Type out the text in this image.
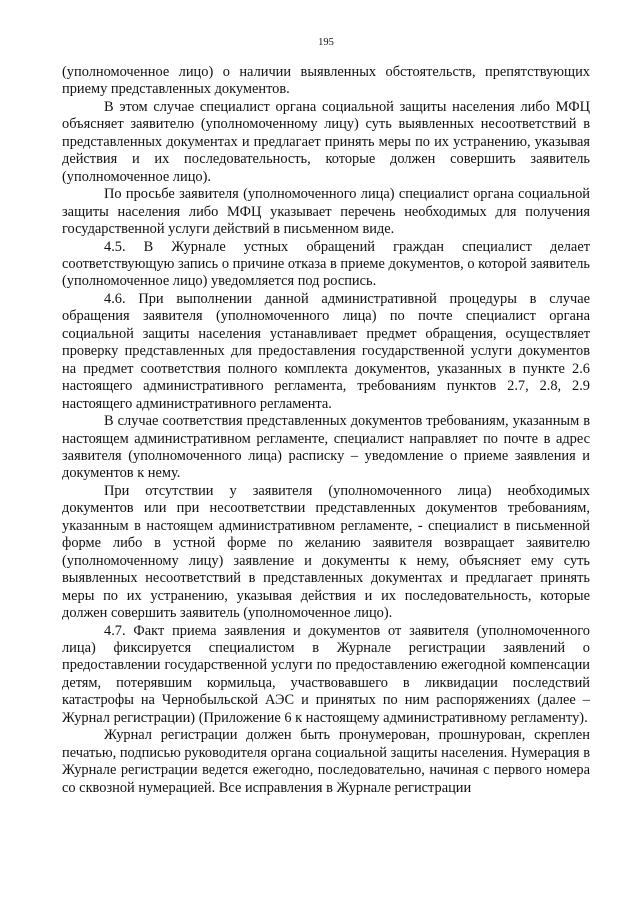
195

(уполномоченное лицо) о наличии выявленных обстоятельств, препятствующих приему представленных документов.

В этом случае специалист органа социальной защиты населения либо МФЦ объясняет заявителю (уполномоченному лицу) суть выявленных несоответствий в представленных документах и предлагает принять меры по их устранению, указывая действия и их последовательность, которые должен совершить заявитель (уполномоченное лицо).

По просьбе заявителя (уполномоченного лица) специалист органа социальной защиты населения либо МФЦ указывает перечень необходимых для получения государственной услуги действий в письменном виде.

4.5. В Журнале устных обращений граждан специалист делает соответствующую запись о причине отказа в приеме документов, о которой заявитель (уполномоченное лицо) уведомляется под роспись.

4.6. При выполнении данной административной процедуры в случае обращения заявителя (уполномоченного лица) по почте специалист органа социальной защиты населения устанавливает предмет обращения, осуществляет проверку представленных для предоставления государственной услуги документов на предмет соответствия полного комплекта документов, указанных в пункте 2.6 настоящего административного регламента, требованиям пунктов 2.7, 2.8, 2.9 настоящего административного регламента.

В случае соответствия представленных документов требованиям, указанным в настоящем административном регламенте, специалист направляет по почте в адрес заявителя (уполномоченного лица) расписку – уведомление о приеме заявления и документов к нему.

При отсутствии у заявителя (уполномоченного лица) необходимых документов или при несоответствии представленных документов требованиям, указанным в настоящем административном регламенте, - специалист в письменной форме либо в устной форме по желанию заявителя возвращает заявителю (уполномоченному лицу) заявление и документы к нему, объясняет ему суть выявленных несоответствий в представленных документах и предлагает принять меры по их устранению, указывая действия и их последовательность, которые должен совершить заявитель (уполномоченное лицо).

4.7. Факт приема заявления и документов от заявителя (уполномоченного лица) фиксируется специалистом в Журнале регистрации заявлений о предоставлении государственной услуги по предоставлению ежегодной компенсации детям, потерявшим кормильца, участвовавшего в ликвидации последствий катастрофы на Чернобыльской АЭС и принятых по ним распоряжениях (далее – Журнал регистрации) (Приложение 6 к настоящему административному регламенту).

Журнал регистрации должен быть пронумерован, прошнурован, скреплен печатью, подписью руководителя органа социальной защиты населения. Нумерация в Журнале регистрации ведется ежегодно, последовательно, начиная с первого номера со сквозной нумерацией. Все исправления в Журнале регистрации
